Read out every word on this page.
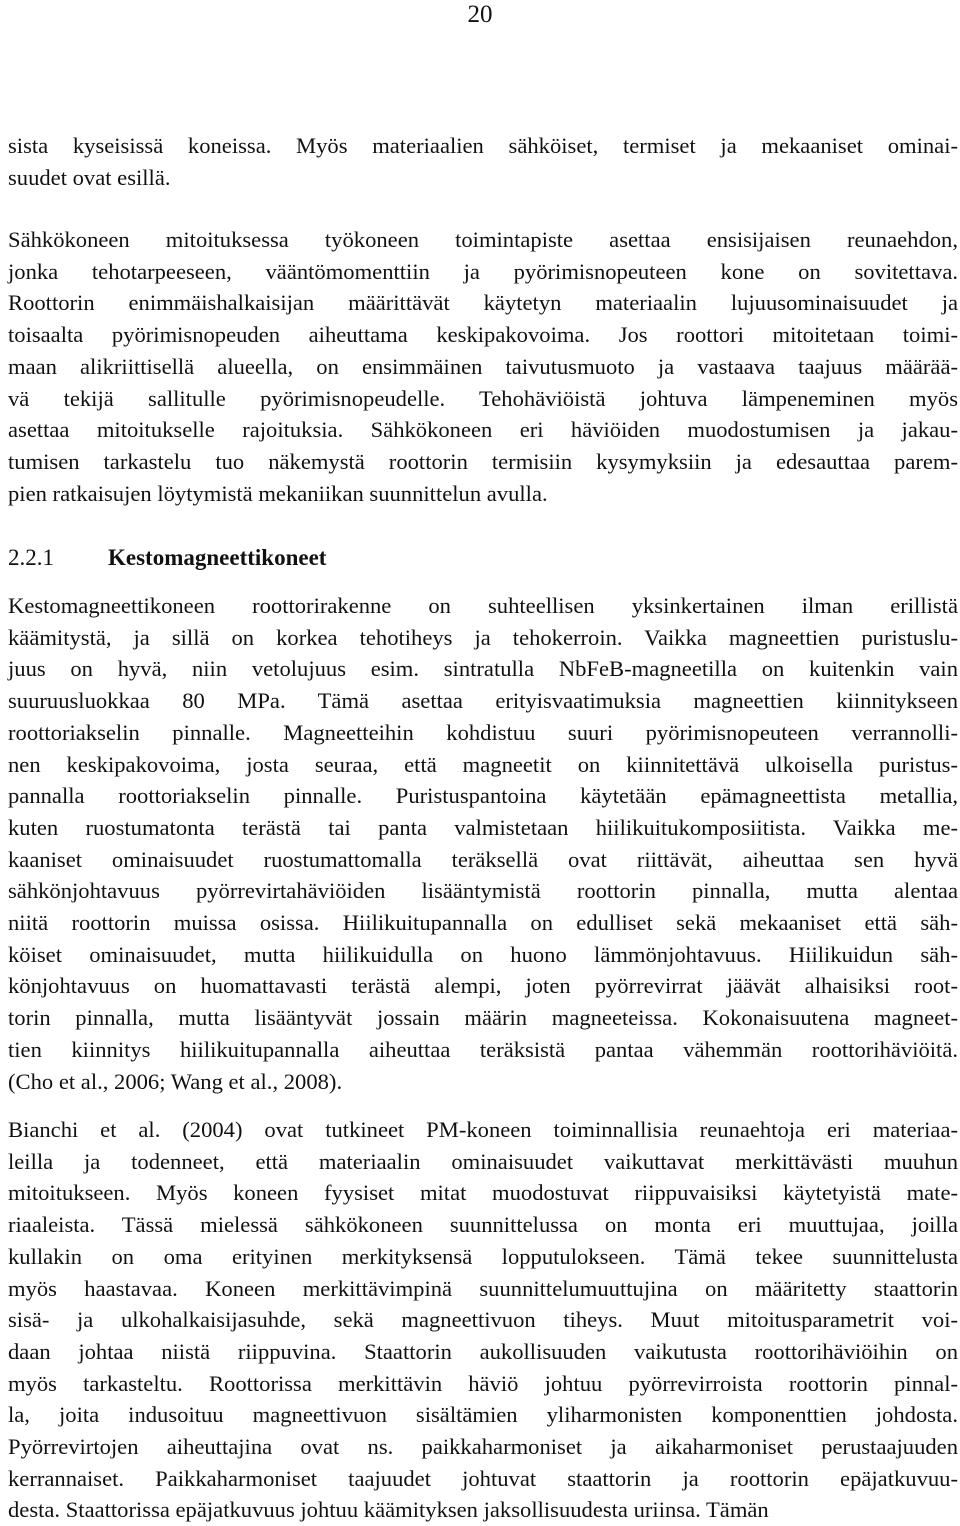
20
2.2.1 Kestomagneettikoneet
sista kyseisissä koneissa. Myös materiaalien sähköiset, termiset ja mekaaniset ominai-
suudet ovat esillä.
Sähkökoneen mitoituksessa työkoneen toimintapiste asettaa ensisijaisen reunaehdon,
jonka tehotarpeeseen, vääntömomenttiin ja pyörimisnopeuteen kone on sovitettava.
Roottorin enimmäishalkaisijan määrittävät käytetyn materiaalin lujuusominaisuudet ja
toisaalta pyörimisnopeuden aiheuttama keskipakovoima. Jos roottori mitoitetaan toimi-
maan alikriittisellä alueella, on ensimmäinen taivutusmuoto ja vastaava taajuus määrää-
vä tekijä sallitulle pyörimisnopeudelle. Tehohäviöistä johtuva lämpeneminen myös
asettaa mitoitukselle rajoituksia. Sähkökoneen eri häviöiden muodostumisen ja jakau-
tumisen tarkastelu tuo näkemystä roottorin termisiin kysymyksiin ja edesauttaa parem-
pien ratkaisujen löytymistä mekaniikan suunnittelun avulla.
Kestomagneettikoneen roottorirakenne on suhteellisen yksinkertainen ilman erillistä
käämitystä, ja sillä on korkea tehotiheys ja tehokerroin. Vaikka magneettien puristuslu-
juus on hyvä, niin vetolujuus esim. sintratulla NbFeB-magneetilla on kuitenkin vain
suuruusluokkaa 80 MPa. Tämä asettaa erityisvaatimuksia magneettien kiinnitykseen
roottoriakselin pinnalle. Magneetteihin kohdistuu suuri pyörimisnopeuteen verrannolli-
nen keskipakovoima, josta seuraa, että magneetit on kiinnitettävä ulkoisella puristus-
pannalla roottoriakselin pinnalle. Puristuspantoina käytetään epämagneettista metallia,
kuten ruostumatonta terästä tai panta valmistetaan hiilikuitukomposiitista. Vaikka me-
kaaniset ominaisuudet ruostumattomalla teräksellä ovat riittävät, aiheuttaa sen hyvä
sähkönjohtavuus pyörrevirtahäviöiden lisääntymistä roottorin pinnalla, mutta alentaa
niitä roottorin muissa osissa. Hiilikuitupannalla on edulliset sekä mekaaniset että säh-
köiset ominaisuudet, mutta hiilikuidulla on huono lämmönjohtavuus. Hiilikuidun säh-
könjohtavuus on huomattavasti terästä alempi, joten pyörrevirrat jäävät alhaisiksi root-
torin pinnalla, mutta lisääntyvät jossain määrin magneeteissa. Kokonaisuutena magneet-
tien kiinnitys hiilikuitupannalla aiheuttaa teräksistä pantaa vähemmän roottorihäviöitä.
(Cho et al., 2006; Wang et al., 2008).
Bianchi et al. (2004) ovat tutkineet PM-koneen toiminnallisia reunaehtoja eri materiaa-
leilla ja todenneet, että materiaalin ominaisuudet vaikuttavat merkittävästi muuhun
mitoitukseen. Myös koneen fyysiset mitat muodostuvat riippuvaisiksi käytetyistä mate-
riaaleista. Tässä mielessä sähkökoneen suunnittelussa on monta eri muuttujaa, joilla
kullakin on oma erityinen merkityksensä lopputulokseen. Tämä tekee suunnittelusta
myös haastavaa. Koneen merkittävimpinä suunnittelumuuttujina on määritetty staattorin
sisä- ja ulkohalkaisijasuhde, sekä magneettivuon tiheys. Muut mitoitusparametrit voi-
daan johtaa niistä riippuvina. Staattorin aukollisuuden vaikutusta roottorihäviöihin on
myös tarkasteltu. Roottorissa merkittävin häviö johtuu pyörrevirroista roottorin pinnal-
la, joita indusoituu magneettivuon sisältämien yliharmonisten komponenttien johdosta.
Pyörrevirtojen aiheuttajina ovat ns. paikkaharmoniset ja aikaharmoniset perustaajuuden
kerrannaiset. Paikkaharmoniset taajuudet johtuvat staattorin ja roottorin epäjatkuvuu-
desta. Staattorissa epäjatkuvuus johtuu käämityksen jaksollisuudesta uriinsa. Tämän
